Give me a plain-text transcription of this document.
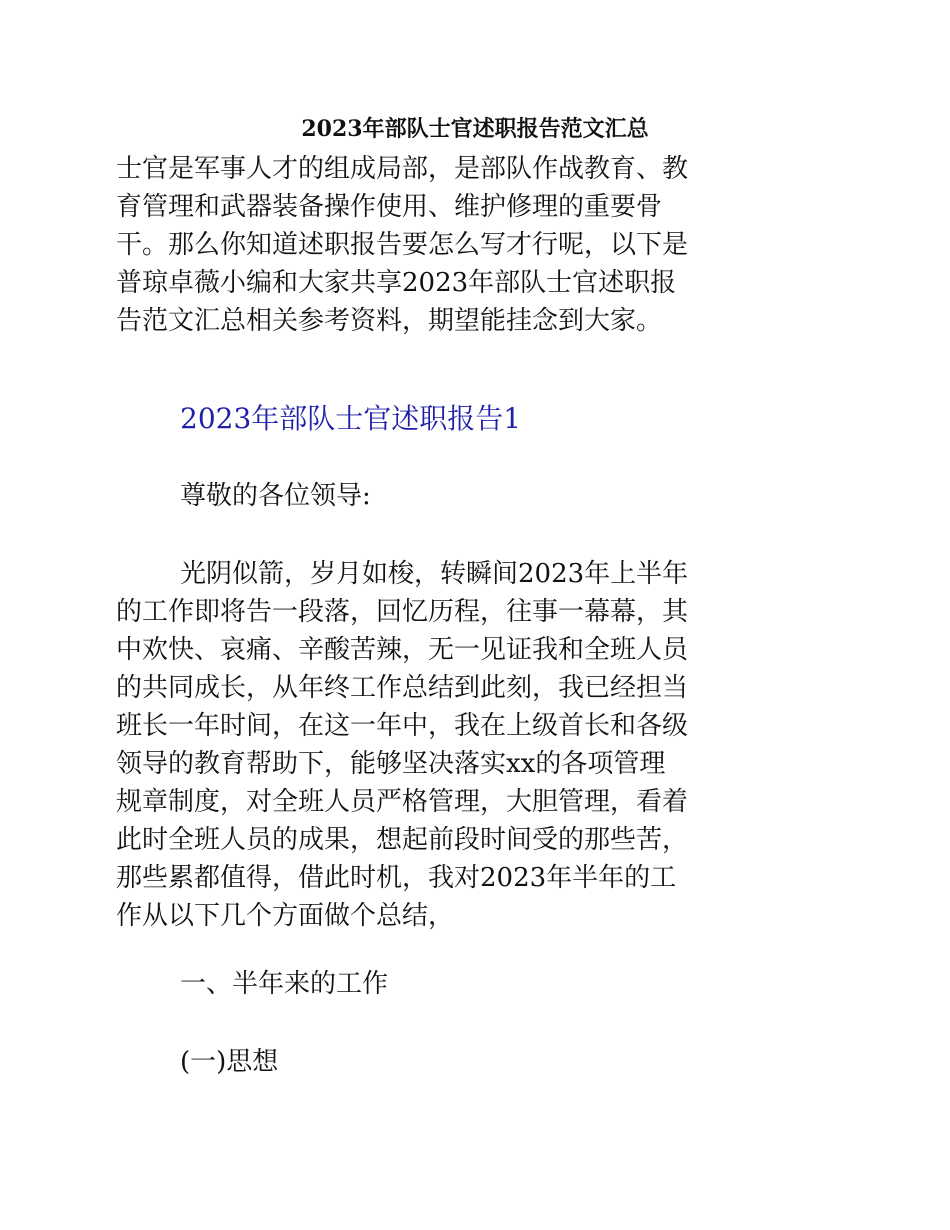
2023年部队士官述职报告范文汇总
士官是军事人才的组成局部，是部队作战教育、教
育管理和武器装备操作使用、维护修理的重要骨
干。那么你知道述职报告要怎么写才行呢，以下是
普琼卓薇小编和大家共享2023年部队士官述职报
告范文汇总相关参考资料，期望能挂念到大家。
2023年部队士官述职报告1
尊敬的各位领导:
光阴似箭，岁月如梭，转瞬间2023年上半年
的工作即将告一段落，回忆历程，往事一幕幕，其
中欢快、哀痛、辛酸苦辣，无一见证我和全班人员
的共同成长，从年终工作总结到此刻，我已经担当
班长一年时间，在这一年中，我在上级首长和各级
领导的教育帮助下，能够坚决落实xx的各项管理
规章制度，对全班人员严格管理，大胆管理，看着
此时全班人员的成果，想起前段时间受的那些苦，
那些累都值得，借此时机，我对2023年半年的工
作从以下几个方面做个总结，
一、半年来的工作
(一)思想
